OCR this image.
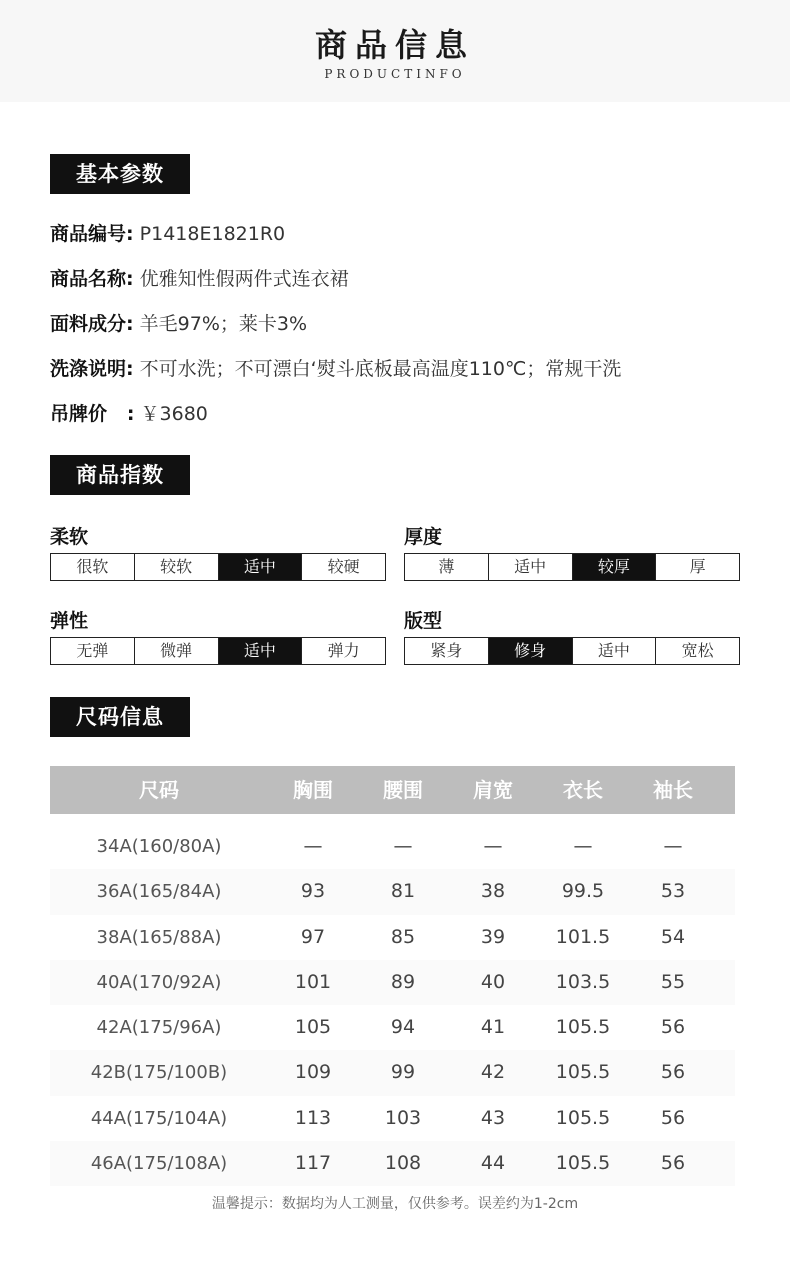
商品信息
PRODUCTINFO
基本参数
商品编号: P1418E1821R0
商品名称: 优雅知性假两件式连衣裙
面料成分: 羊毛97%；莱卡3%
洗涤说明: 不可水洗；不可漂白‘熨斗底板最高温度110℃；常规干洗
吊牌价   : ￥3680
商品指数
柔软
很软	较软	适中	较硬
厚度
薄	适中	较厚	厚
弹性
无弹	微弹	适中	弹力
版型
紧身	修身	适中	宽松
尺码信息
尺码	胸围	腰围	肩宽	衣长	袖长
34A(160/80A)	—	—	—	—	—
36A(165/84A)	93	81	38	99.5	53
38A(165/88A)	97	85	39	101.5	54
40A(170/92A)	101	89	40	103.5	55
42A(175/96A)	105	94	41	105.5	56
42B(175/100B)	109	99	42	105.5	56
44A(175/104A)	113	103	43	105.5	56
46A(175/108A)	117	108	44	105.5	56
温馨提示：数据均为人工测量，仅供参考。误差约为1-2cm
